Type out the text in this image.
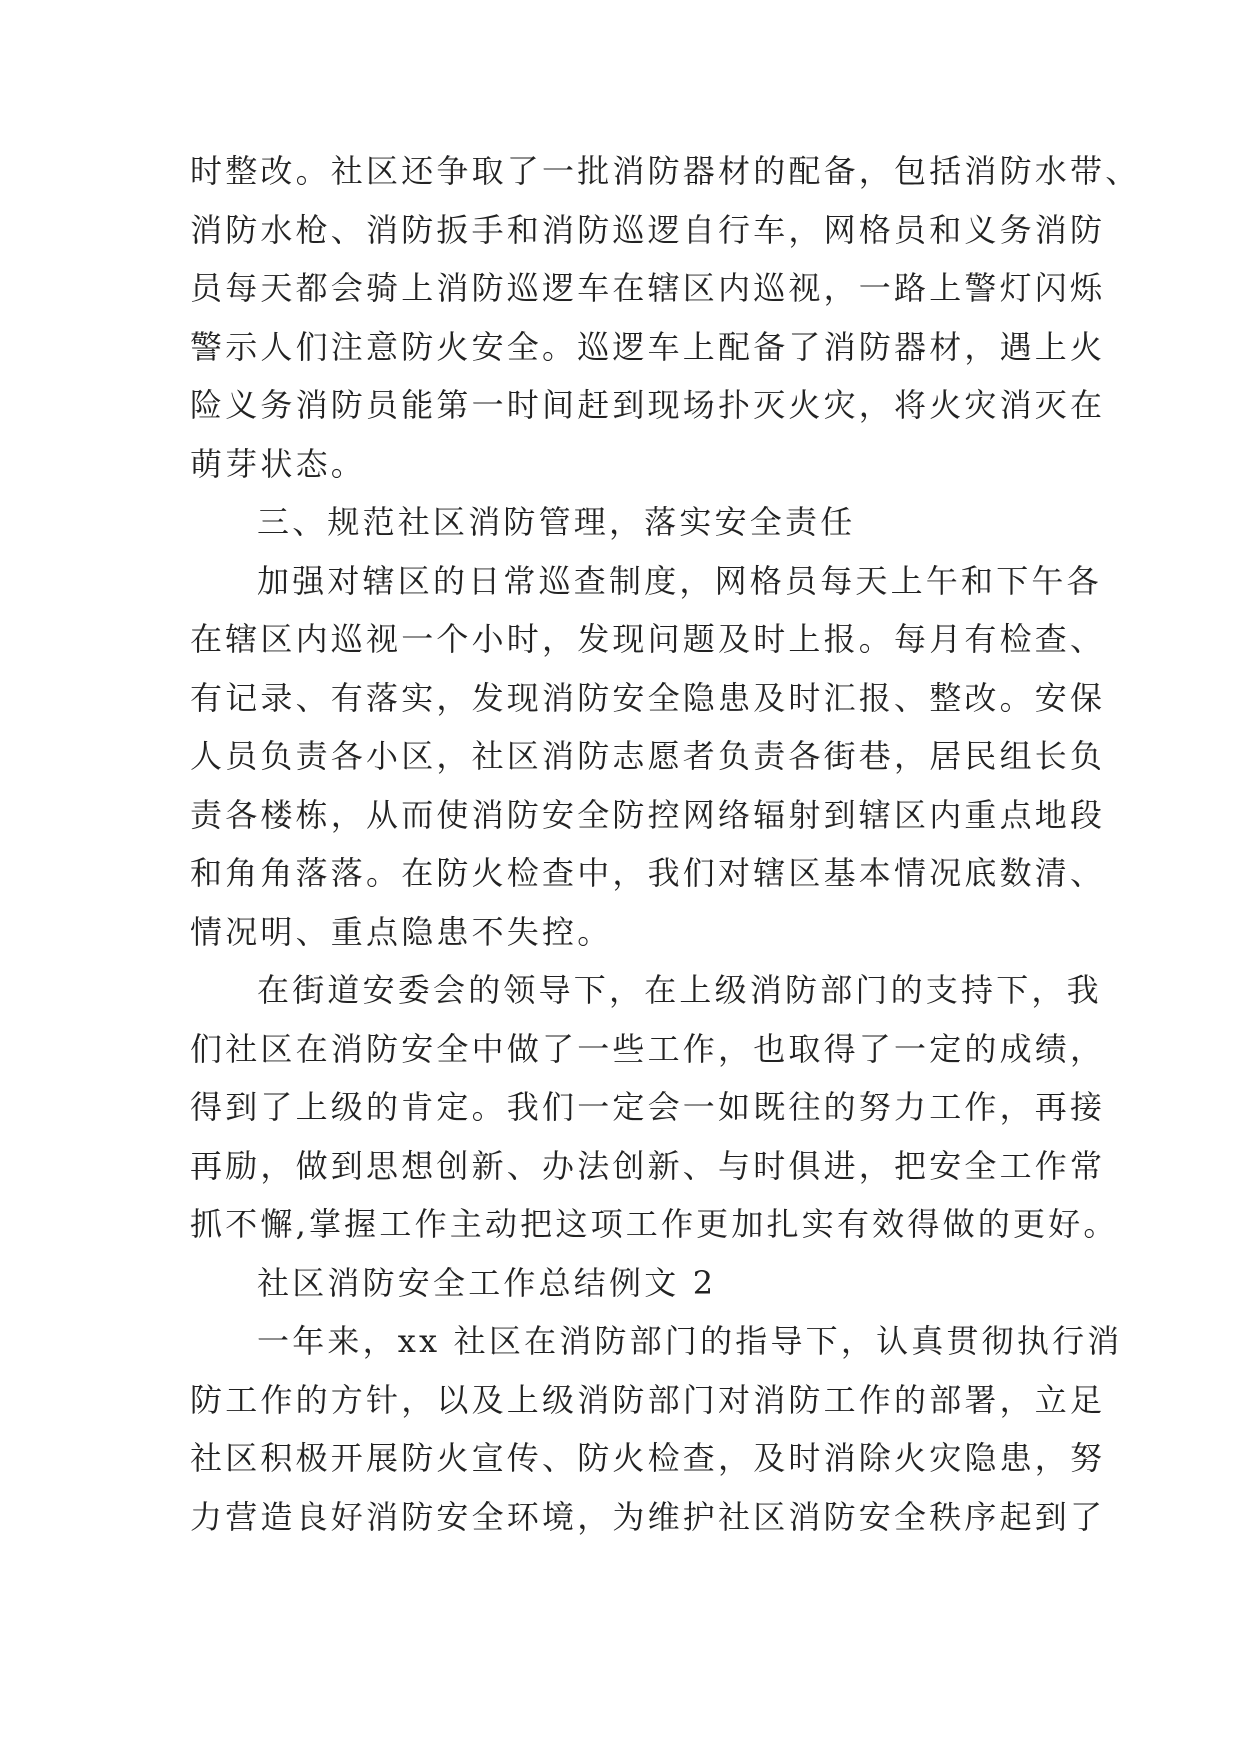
时整改。社区还争取了一批消防器材的配备，包括消防水带、
消防水枪、消防扳手和消防巡逻自行车，网格员和义务消防
员每天都会骑上消防巡逻车在辖区内巡视，一路上警灯闪烁
警示人们注意防火安全。巡逻车上配备了消防器材，遇上火
险义务消防员能第一时间赶到现场扑灭火灾，将火灾消灭在
萌芽状态。
三、规范社区消防管理，落实安全责任
加强对辖区的日常巡查制度，网格员每天上午和下午各
在辖区内巡视一个小时，发现问题及时上报。每月有检查、
有记录、有落实，发现消防安全隐患及时汇报、整改。安保
人员负责各小区，社区消防志愿者负责各街巷，居民组长负
责各楼栋，从而使消防安全防控网络辐射到辖区内重点地段
和角角落落。在防火检查中，我们对辖区基本情况底数清、
情况明、重点隐患不失控。
在街道安委会的领导下，在上级消防部门的支持下，我
们社区在消防安全中做了一些工作，也取得了一定的成绩，
得到了上级的肯定。我们一定会一如既往的努力工作，再接
再励，做到思想创新、办法创新、与时俱进，把安全工作常
抓不懈,掌握工作主动把这项工作更加扎实有效得做的更好。
社区消防安全工作总结例文 2
一年来，xx 社区在消防部门的指导下，认真贯彻执行消
防工作的方针，以及上级消防部门对消防工作的部署，立足
社区积极开展防火宣传、防火检查，及时消除火灾隐患，努
力营造良好消防安全环境，为维护社区消防安全秩序起到了
